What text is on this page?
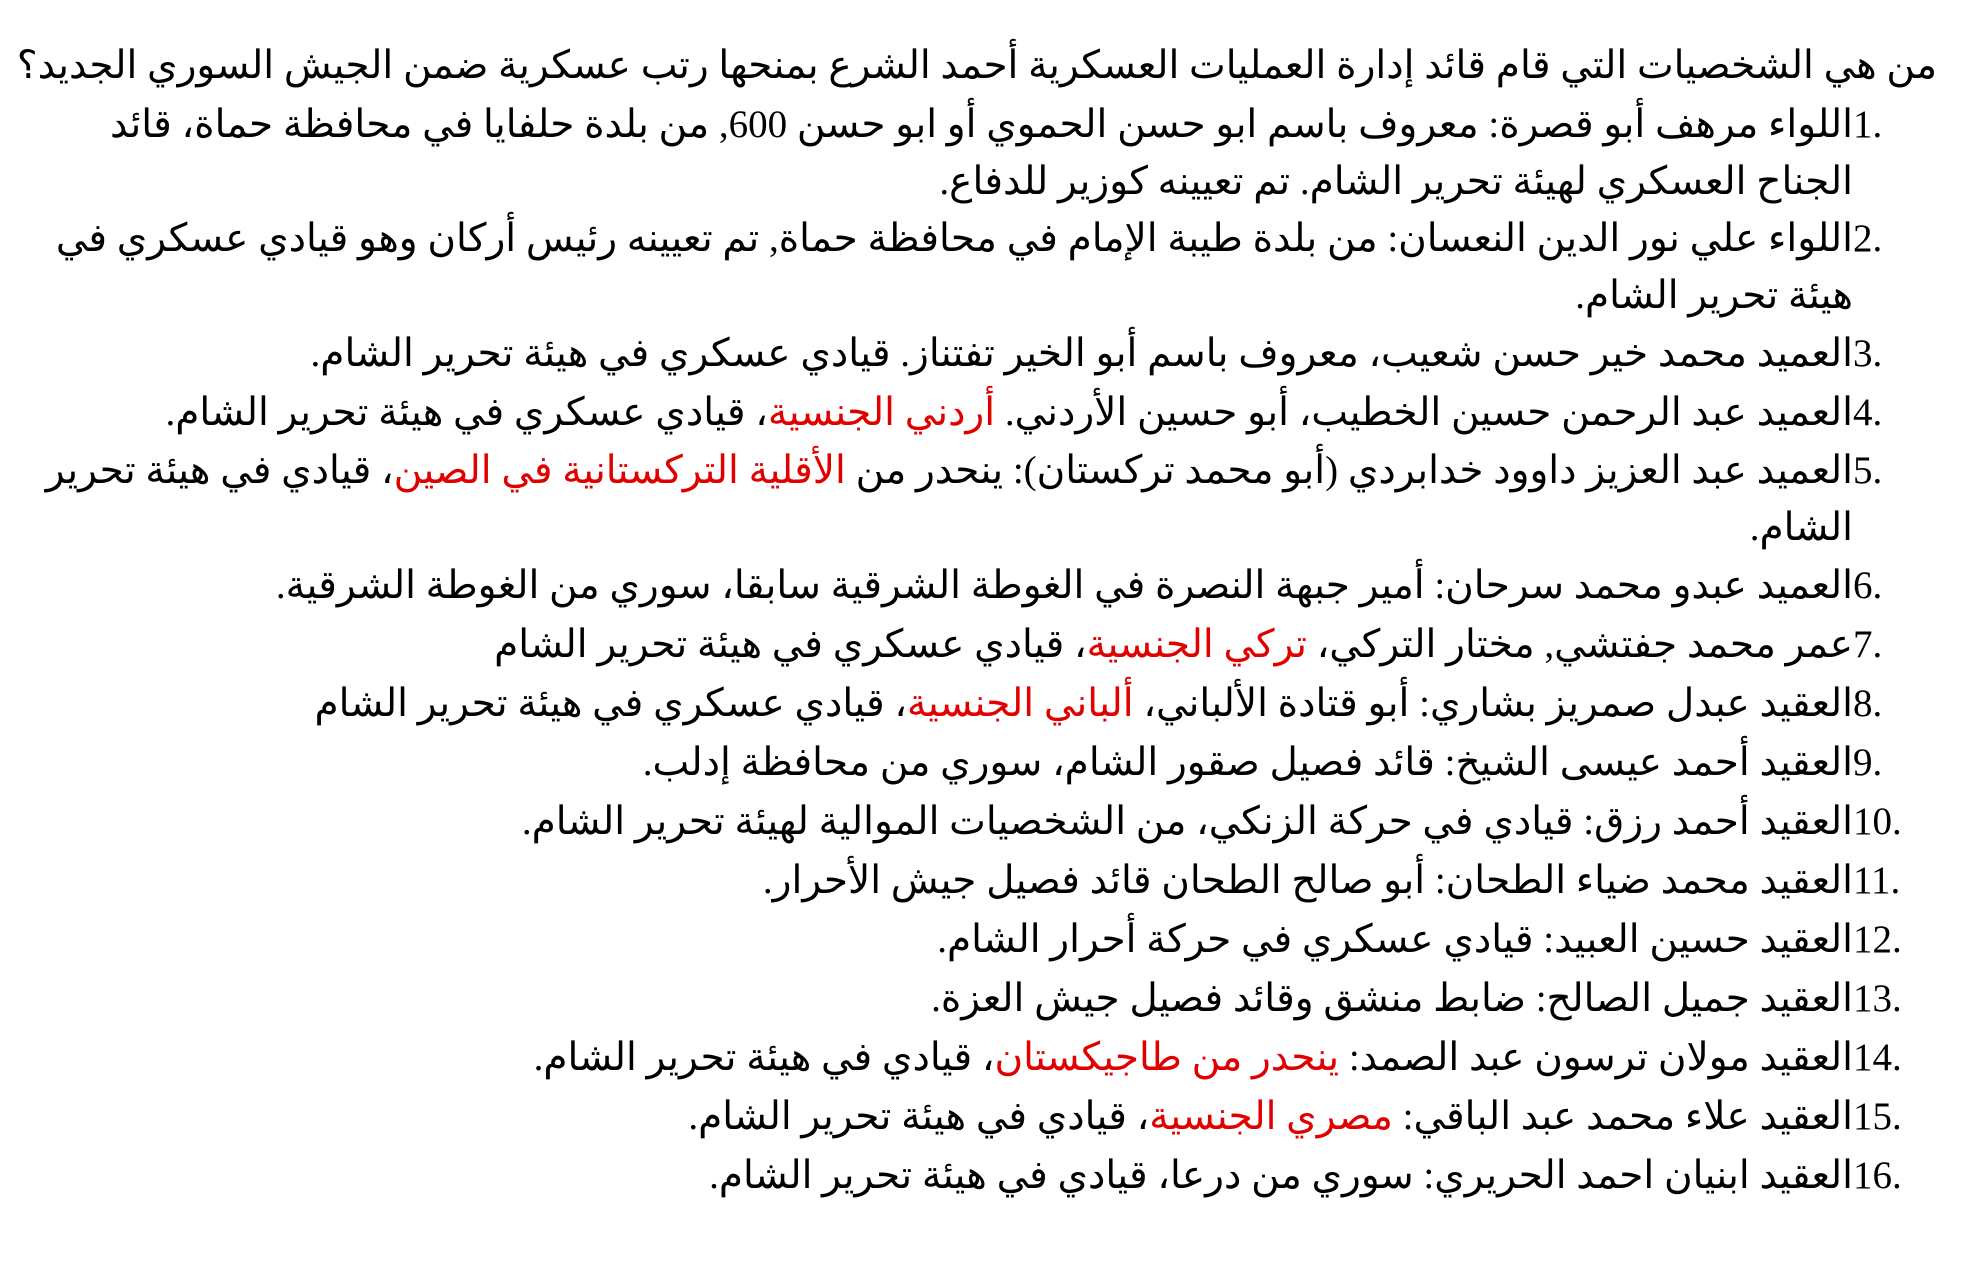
من هي الشخصيات التي قام قائد إدارة العمليات العسكرية أحمد الشرع بمنحها رتب عسكرية ضمن الجيش السوري الجديد؟
1.
اللواء مرهف أبو قصرة: معروف باسم ابو حسن الحموي أو ابو حسن 600, من بلدة حلفايا في محافظة حماة، قائد الجناح العسكري لهيئة تحرير الشام. تم تعيينه كوزير للدفاع.
2.
اللواء علي نور الدين النعسان: من بلدة طيبة الإمام في محافظة حماة, تم تعيينه رئيس أركان وهو قيادي عسكري في هيئة تحرير الشام.
3.
العميد محمد خير حسن شعيب، معروف باسم أبو الخير تفتناز. قيادي عسكري في هيئة تحرير الشام.
4.
العميد عبد الرحمن حسين الخطيب، أبو حسين الأردني. أردني الجنسية، قيادي عسكري في هيئة تحرير الشام.
5.
العميد عبد العزيز داوود خدابردي (أبو محمد تركستان): ينحدر من الأقلية التركستانية في الصين، قيادي في هيئة تحرير الشام.
6.
العميد عبدو محمد سرحان: أمير جبهة النصرة في الغوطة الشرقية سابقا، سوري من الغوطة الشرقية.
7.
عمر محمد جفتشي, مختار التركي، تركي الجنسية، قيادي عسكري في هيئة تحرير الشام
8.
العقيد عبدل صمريز بشاري: أبو قتادة الألباني، ألباني الجنسية، قيادي عسكري في هيئة تحرير الشام
9.
العقيد أحمد عيسى الشيخ: قائد فصيل صقور الشام، سوري من محافظة إدلب.
10.
العقيد أحمد رزق: قيادي في حركة الزنكي، من الشخصيات الموالية لهيئة تحرير الشام.
11.
العقيد محمد ضياء الطحان: أبو صالح الطحان قائد فصيل جيش الأحرار.
12.
العقيد حسين العبيد: قيادي عسكري في حركة أحرار الشام.
13.
العقيد جميل الصالح: ضابط منشق وقائد فصيل جيش العزة.
14.
العقيد مولان ترسون عبد الصمد: ينحدر من طاجيكستان، قيادي في هيئة تحرير الشام.
15.
العقيد علاء محمد عبد الباقي: مصري الجنسية، قيادي في هيئة تحرير الشام.
16.
العقيد ابنيان احمد الحريري: سوري من درعا، قيادي في هيئة تحرير الشام.
